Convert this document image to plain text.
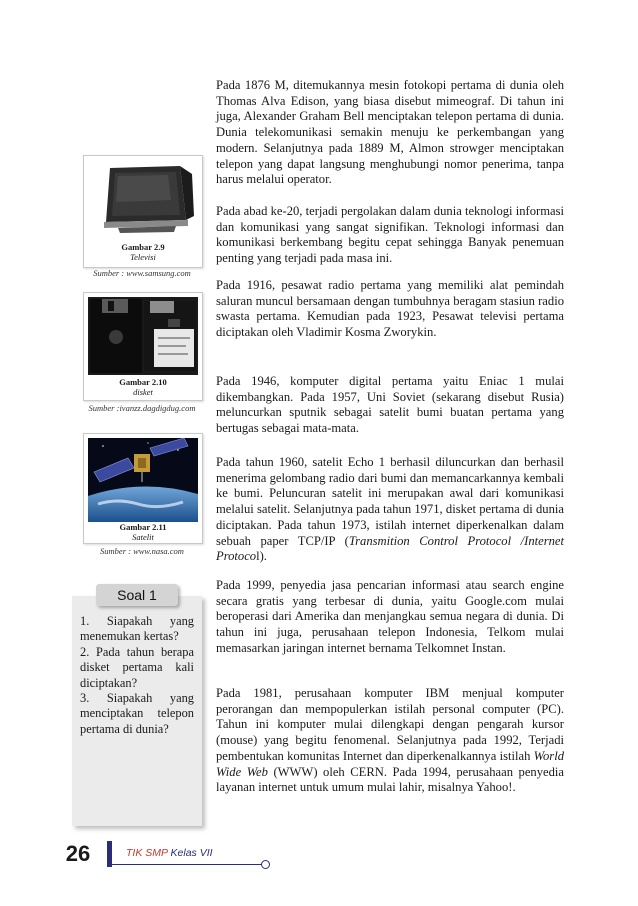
Gambar 2.9
Televisi
Sumber : www.samsung.com
Gambar 2.10
disket
Sumber :ivanzz.dagdigdug.com
Gambar 2.11
Satelit
Sumber : www.nasa.com

Pada 1876 M, ditemukannya mesin fotokopi pertama di dunia oleh Thomas Alva Edison, yang biasa disebut mimeograf. Di tahun ini juga, Alexander Graham Bell menciptakan telepon pertama di dunia. Dunia telekomunikasi semakin menuju ke perkembangan yang modern. Selanjutnya pada 1889 M, Almon strowger menciptakan telepon yang dapat langsung menghubungi nomor penerima, tanpa harus melalui operator.

Pada abad ke-20, terjadi pergolakan dalam dunia teknologi informasi dan komunikasi yang sangat signifikan. Teknologi informasi dan komunikasi berkembang begitu cepat sehingga Banyak penemuan penting yang terjadi pada masa ini.

Pada 1916, pesawat radio pertama yang memiliki alat pemindah saluran muncul bersamaan dengan tumbuhnya beragam stasiun radio swasta pertama. Kemudian pada 1923, Pesawat televisi pertama diciptakan oleh Vladimir Kosma Zworykin.

Pada 1946, komputer digital pertama yaitu Eniac 1 mulai dikembangkan. Pada 1957, Uni Soviet (sekarang disebut Rusia) meluncurkan sputnik sebagai satelit bumi buatan pertama yang bertugas sebagai mata-mata.

Pada tahun 1960, satelit Echo 1 berhasil diluncurkan dan berhasil menerima gelombang radio dari bumi dan memancarkannya kembali ke bumi. Peluncuran satelit ini merupakan awal dari komunikasi melalui satelit. Selanjutnya pada tahun 1971, disket pertama di dunia diciptakan. Pada tahun 1973, istilah internet diperkenalkan dalam sebuah paper TCP/IP (Transmition Control Protocol /Internet Protocol).

Pada 1999, penyedia jasa pencarian informasi atau search engine secara gratis yang terbesar di dunia, yaitu Google.com mulai beroperasi dari Amerika dan menjangkau semua negara di dunia. Di tahun ini juga, perusahaan telepon Indonesia, Telkom mulai memasarkan jaringan internet bernama Telkomnet Instan.

Pada 1981, perusahaan komputer IBM menjual komputer perorangan dan mempopulerkan istilah personal computer (PC). Tahun ini komputer mulai dilengkapi dengan pengarah kursor (mouse) yang begitu fenomenal. Selanjutnya pada 1992, Terjadi pembentukan komunitas Internet dan diperkenalkannya istilah World Wide Web (WWW) oleh CERN. Pada 1994, perusahaan penyedia layanan internet untuk umum mulai lahir, misalnya Yahoo!.

Soal 1
1. Siapakah yang menemukan kertas?
2. Pada tahun berapa disket pertama kali diciptakan?
3. Siapakah yang menciptakan telepon pertama di dunia?
26	TIK SMP Kelas VII
